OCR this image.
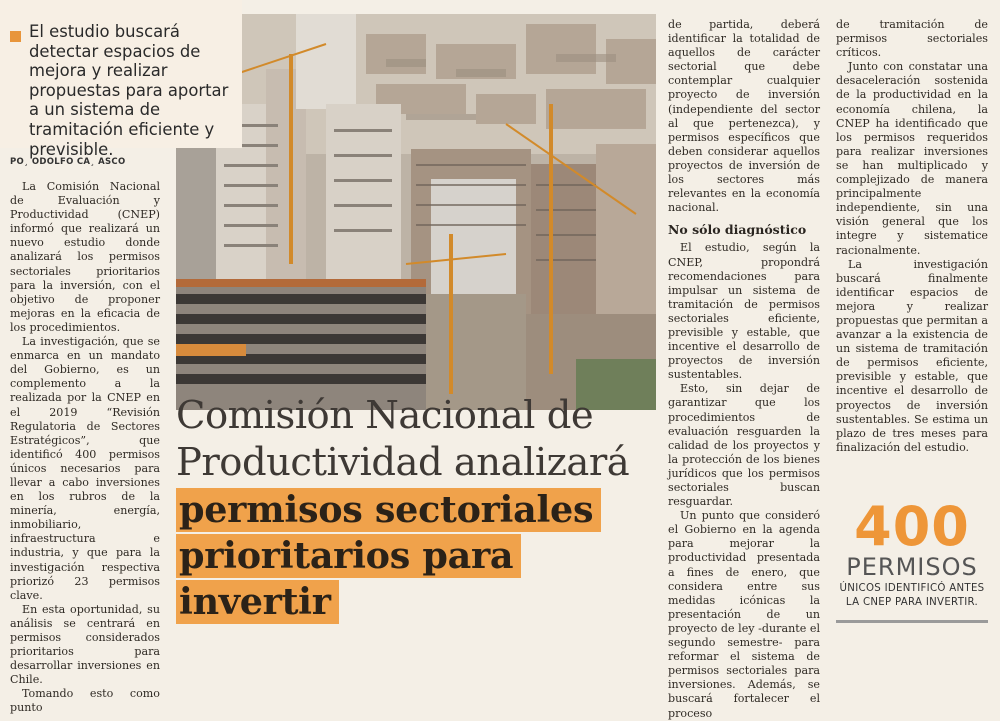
El estudio buscará detectar espacios de mejora y realizar propuestas para aportar a un sistema de tramitación eficiente y previsible.
PO¸ ODOLFO CA¸ ASCO

La Comisión Nacional de Evaluación y Productividad (CNEP) informó que realizará un nuevo estudio donde analizará los permisos sectoriales prioritarios para la inversión, con el objetivo de proponer mejoras en la eficacia de los procedimientos.

La investigación, que se enmarca en un mandato del Gobierno, es un complemento a la realizada por la CNEP en el 2019 “Revisión Regulatoria de Sectores Estratégicos”, que identificó 400 permisos únicos necesarios para llevar a cabo inversiones en los rubros de la minería, energía, inmobiliario, infraestructura e industria, y que para la investigación respectiva priorizó 23 permisos clave.

En esta oportunidad, su análisis se centrará en permisos considerados prioritarios para desarrollar inversiones en Chile.

Tomando esto como punto

Comisión Nacional de
Productividad analizará
permisos sectoriales
prioritarios para
invertir

de partida, deberá identificar la totalidad de aquellos de carácter sectorial que debe contemplar cualquier proyecto de inversión (independiente del sector al que pertenezca), y permisos específicos que deben considerar aquellos proyectos de inversión de los sectores más relevantes en la economía nacional.

No sólo diagnóstico

El estudio, según la CNEP, propondrá recomendaciones para impulsar un sistema de tramitación de permisos sectoriales eficiente, previsible y estable, que incentive el desarrollo de proyectos de inversión sustentables.

Esto, sin dejar de garantizar que los procedimientos de evaluación resguarden la calidad de los proyectos y la protección de los bienes jurídicos que los permisos sectoriales buscan resguardar.

Un punto que consideró el Gobierno en la agenda para mejorar la productividad presentada a fines de enero, que considera entre sus medidas icónicas la presentación de un proyecto de ley -durante el segundo semestre- para reformar el sistema de permisos sectoriales para inversiones. Además, se buscará fortalecer el proceso

de tramitación de permisos sectoriales críticos.

Junto con constatar una desaceleración sostenida de la productividad en la economía chilena, la CNEP ha identificado que los permisos requeridos para realizar inversiones se han multiplicado y complejizado de manera principalmente independiente, sin una visión general que los integre y sistematice racionalmente.

La investigación buscará finalmente identificar espacios de mejora y realizar propuestas que permitan a avanzar a la existencia de un sistema de tramitación de permisos eficiente, previsible y estable, que incentive el desarrollo de proyectos de inversión sustentables. Se estima un plazo de tres meses para finalización del estudio.

400
PERMISOS
ÚNICOS IDENTIFICÓ ANTES
LA CNEP PARA INVERTIR.
